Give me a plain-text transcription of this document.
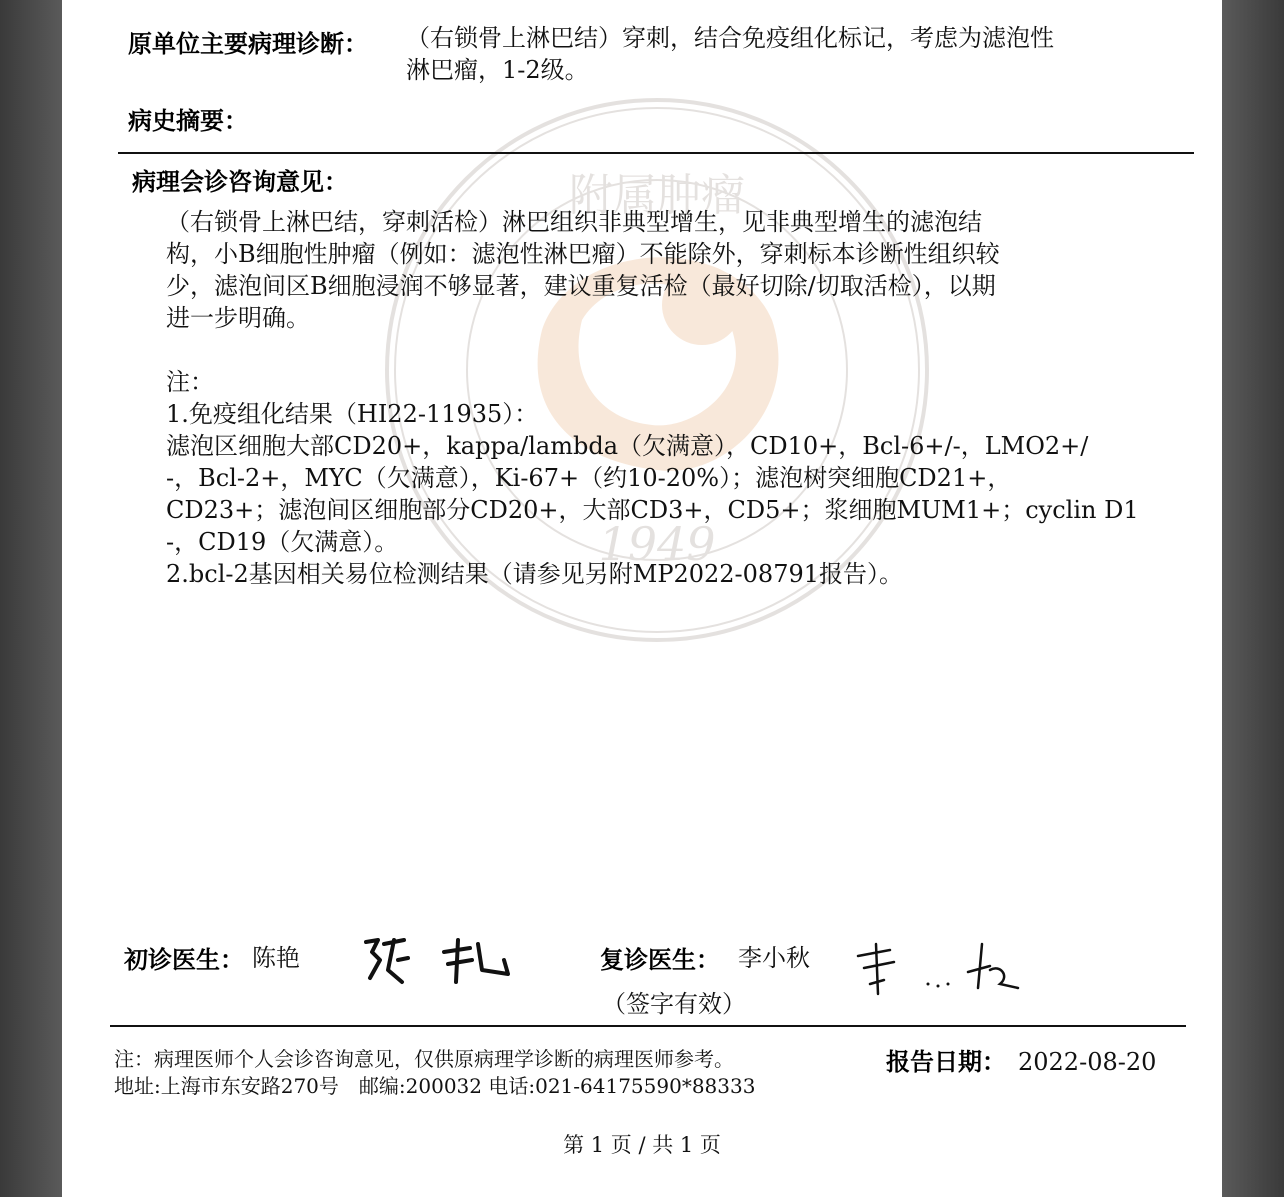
附属肿瘤
1949
原单位主要病理诊断： （右锁骨上淋巴结）穿刺，结合免疫组化标记，考虑为滤泡性
淋巴瘤，1-2级。
病史摘要：
病理会诊咨询意见：
（右锁骨上淋巴结，穿刺活检）淋巴组织非典型增生，见非典型增生的滤泡结
构，小B细胞性肿瘤（例如：滤泡性淋巴瘤）不能除外，穿刺标本诊断性组织较
少，滤泡间区B细胞浸润不够显著，建议重复活检（最好切除/切取活检），以期
进一步明确。
注：
1.免疫组化结果（HI22-11935）：
滤泡区细胞大部CD20+，kappa/lambda（欠满意），CD10+，Bcl-6+/-，LMO2+/
-，Bcl-2+，MYC（欠满意），Ki-67+（约10-20%）；滤泡树突细胞CD21+，
CD23+；滤泡间区细胞部分CD20+，大部CD3+，CD5+；浆细胞MUM1+；cyclin D1
-，CD19（欠满意）。
2.bcl-2基因相关易位检测结果（请参见另附MP2022-08791报告）。
初诊医生： 陈艳	复诊医生： 李小秋
（签字有效）
注：病理医师个人会诊咨询意见，仅供原病理学诊断的病理医师参考。
地址:上海市东安路270号　邮编:200032 电话:021-64175590*88333
报告日期： 2022-08-20
第 1 页 / 共 1 页
